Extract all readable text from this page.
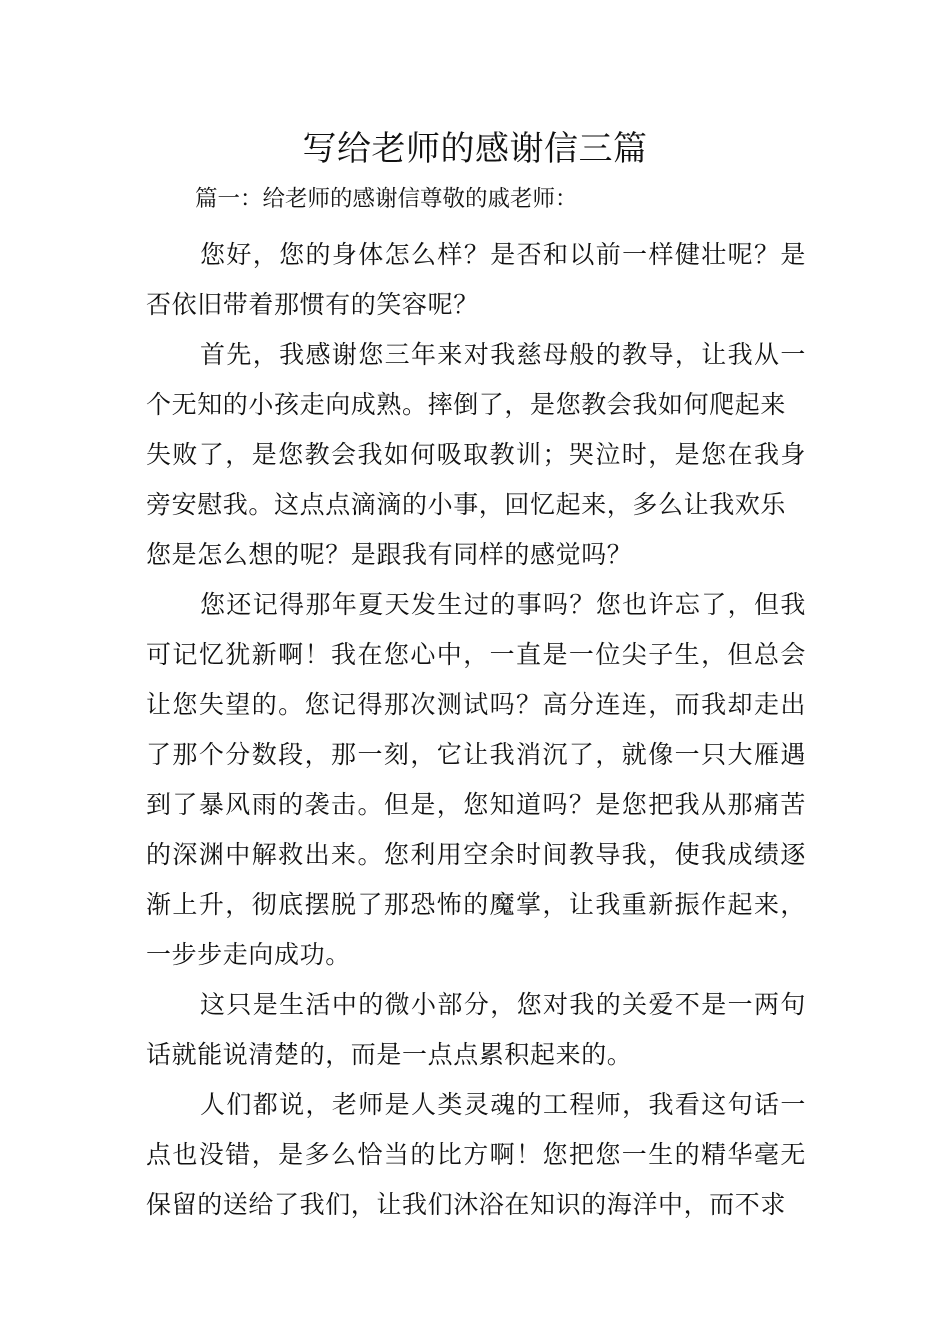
写给老师的感谢信三篇

篇一：给老师的感谢信尊敬的戚老师：

您好，您的身体怎么样？是否和以前一样健壮呢？是否依旧带着那惯有的笑容呢？

首先，我感谢您三年来对我慈母般的教导，让我从一个无知的小孩走向成熟。摔倒了，是您教会我如何爬起来

失败了，是您教会我如何吸取教训；哭泣时，是您在我身旁安慰我。这点点滴滴的小事，回忆起来，多么让我欢乐

您是怎么想的呢？是跟我有同样的感觉吗？

您还记得那年夏天发生过的事吗？您也许忘了，但我可记忆犹新啊！我在您心中，一直是一位尖子生，但总会让您失望的。您记得那次测试吗？高分连连，而我却走出了那个分数段，那一刻，它让我消沉了，就像一只大雁遇到了暴风雨的袭击。但是，您知道吗？是您把我从那痛苦的深渊中解救出来。您利用空余时间教导我，使我成绩逐渐上升，彻底摆脱了那恐怖的魔掌，让我重新振作起来，一步步走向成功。

这只是生活中的微小部分，您对我的关爱不是一两句话就能说清楚的，而是一点点累积起来的。

人们都说，老师是人类灵魂的工程师，我看这句话一点也没错，是多么恰当的比方啊！您把您一生的精华毫无保留的送给了我们，让我们沐浴在知识的海洋中，而不求
